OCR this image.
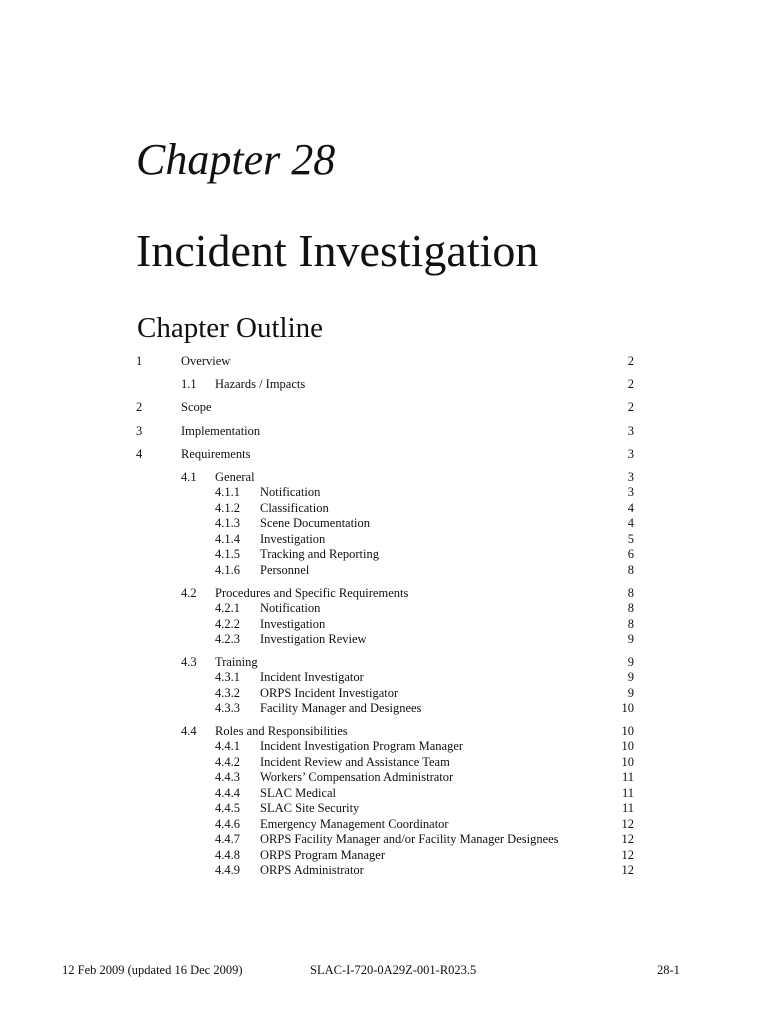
Chapter 28
Incident Investigation
Chapter Outline
1	Overview	2
1.1 Hazards / Impacts	2
2	Scope	2
3	Implementation	3
4	Requirements	3
4.1 General	3
4.1.1 Notification	3
4.1.2 Classification	4
4.1.3 Scene Documentation	4
4.1.4 Investigation	5
4.1.5 Tracking and Reporting	6
4.1.6 Personnel	8
4.2 Procedures and Specific Requirements	8
4.2.1 Notification	8
4.2.2 Investigation	8
4.2.3 Investigation Review	9
4.3 Training	9
4.3.1 Incident Investigator	9
4.3.2 ORPS Incident Investigator	9
4.3.3 Facility Manager and Designees	10
4.4 Roles and Responsibilities	10
4.4.1 Incident Investigation Program Manager	10
4.4.2 Incident Review and Assistance Team	10
4.4.3 Workers’ Compensation Administrator	11
4.4.4 SLAC Medical	11
4.4.5 SLAC Site Security	11
4.4.6 Emergency Management Coordinator	12
4.4.7 ORPS Facility Manager and/or Facility Manager Designees	12
4.4.8 ORPS Program Manager	12
4.4.9 ORPS Administrator	12
12 Feb 2009 (updated 16 Dec 2009)	SLAC-I-720-0A29Z-001-R023.5	28-1
